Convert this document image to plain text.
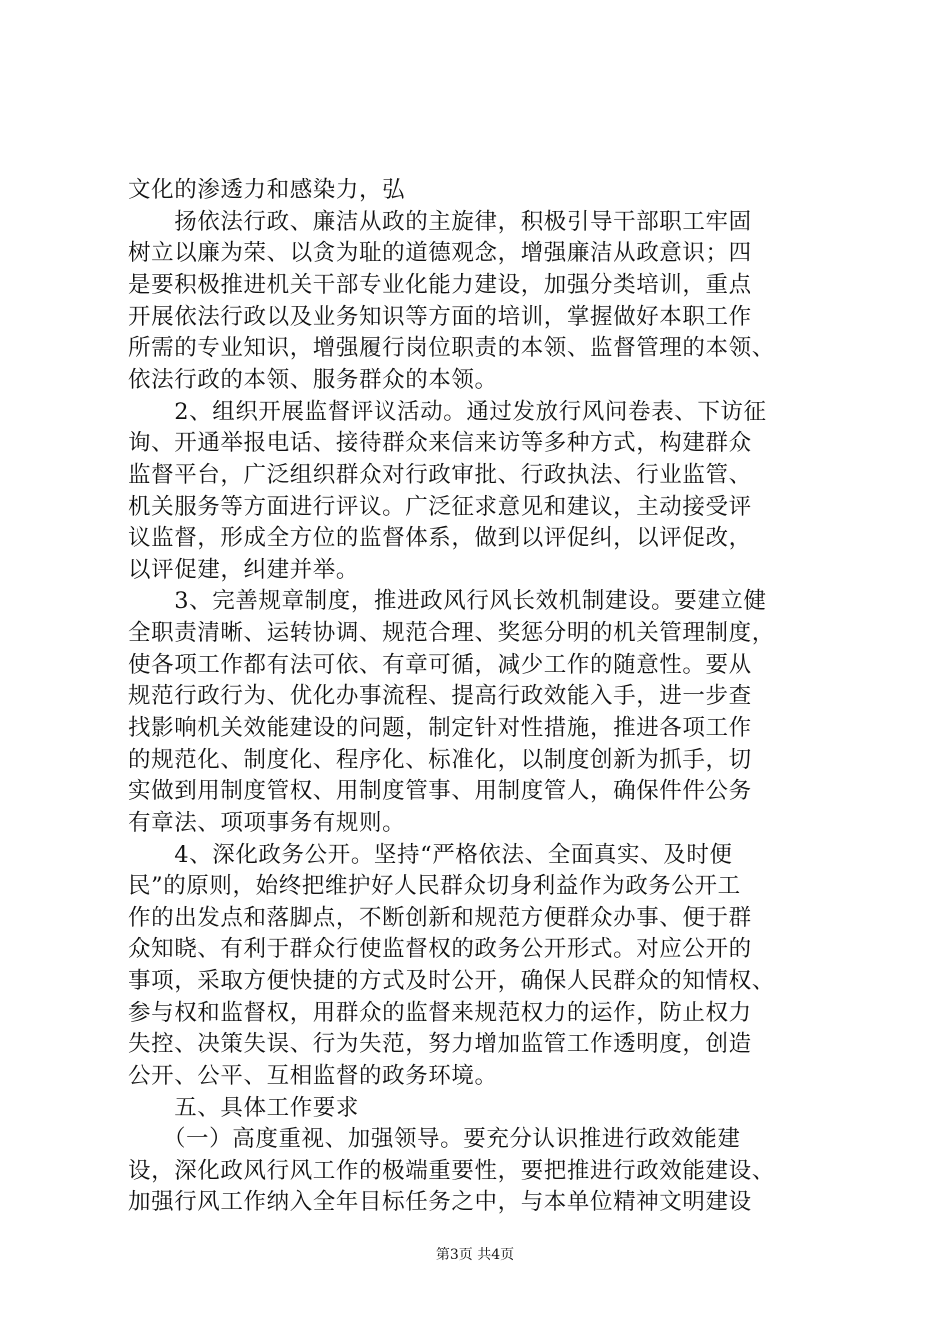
文化的渗透力和感染力，弘
　　扬依法行政、廉洁从政的主旋律，积极引导干部职工牢固
树立以廉为荣、以贪为耻的道德观念，增强廉洁从政意识；四
是要积极推进机关干部专业化能力建设，加强分类培训，重点
开展依法行政以及业务知识等方面的培训，掌握做好本职工作
所需的专业知识，增强履行岗位职责的本领、监督管理的本领、
依法行政的本领、服务群众的本领。
　　2、组织开展监督评议活动。通过发放行风问卷表、下访征
询、开通举报电话、接待群众来信来访等多种方式，构建群众
监督平台，广泛组织群众对行政审批、行政执法、行业监管、
机关服务等方面进行评议。广泛征求意见和建议，主动接受评
议监督，形成全方位的监督体系，做到以评促纠，以评促改，
以评促建，纠建并举。
　　3、完善规章制度，推进政风行风长效机制建设。要建立健
全职责清晰、运转协调、规范合理、奖惩分明的机关管理制度，
使各项工作都有法可依、有章可循，减少工作的随意性。要从
规范行政行为、优化办事流程、提高行政效能入手，进一步查
找影响机关效能建设的问题，制定针对性措施，推进各项工作
的规范化、制度化、程序化、标准化，以制度创新为抓手，切
实做到用制度管权、用制度管事、用制度管人，确保件件公务
有章法、项项事务有规则。
　　4、深化政务公开。坚持“严格依法、全面真实、及时便
民”的原则，始终把维护好人民群众切身利益作为政务公开工
作的出发点和落脚点，不断创新和规范方便群众办事、便于群
众知晓、有利于群众行使监督权的政务公开形式。对应公开的
事项，采取方便快捷的方式及时公开，确保人民群众的知情权、
参与权和监督权，用群众的监督来规范权力的运作，防止权力
失控、决策失误、行为失范，努力增加监管工作透明度，创造
公开、公平、互相监督的政务环境。
　　五、具体工作要求
　　（一）高度重视、加强领导。要充分认识推进行政效能建
设，深化政风行风工作的极端重要性，要把推进行政效能建设、
加强行风工作纳入全年目标任务之中，与本单位精神文明建设
第3页 共4页
